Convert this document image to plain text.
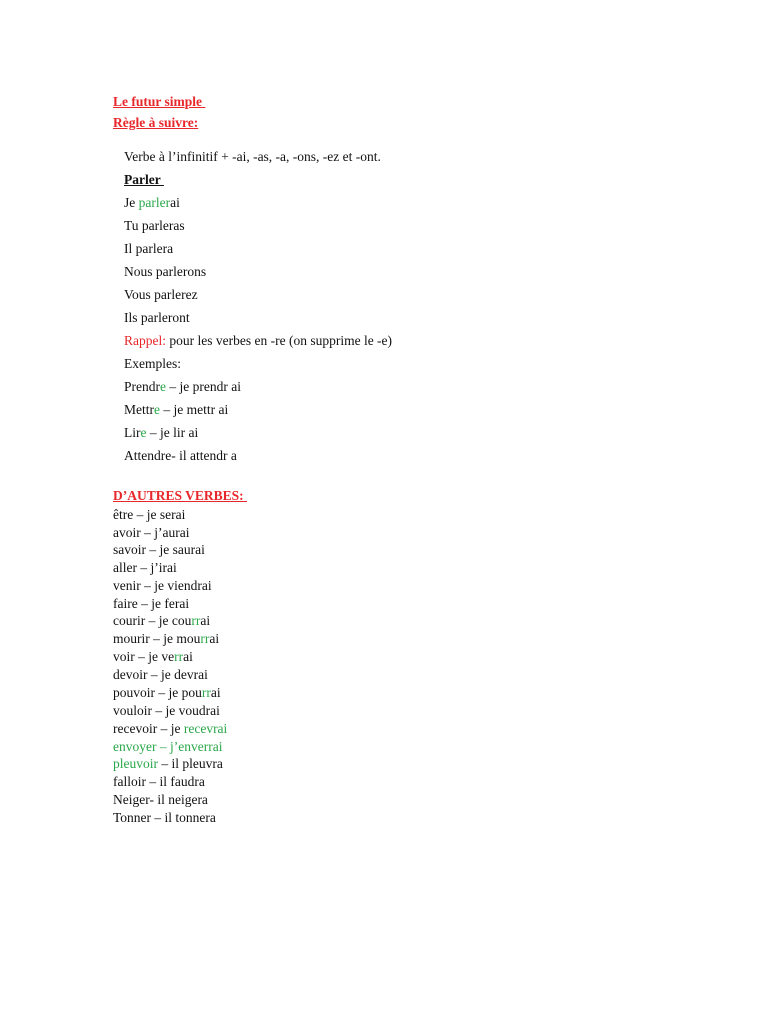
Le futur simple
Règle à suivre:
Verbe à l’infinitif + -ai, -as, -a, -ons, -ez et -ont.
Parler
Je parlerai
Tu parleras
Il parlera
Nous parlerons
Vous parlerez
Ils parleront
Rappel: pour les verbes en -re (on supprime le -e)
Exemples:
Prendre – je prendr ai
Mettre – je mettr ai
Lire – je lir ai
Attendre- il attendr a
D’AUTRES VERBES:
être – je serai
avoir – j’aurai
savoir – je saurai
aller – j’irai
venir – je viendrai
faire – je ferai
courir – je courrai
mourir – je mourrai
voir – je verrai
devoir – je devrai
pouvoir – je pourrai
vouloir – je voudrai
recevoir – je recevrai
envoyer – j’enverrai
pleuvoir – il pleuvra
falloir – il faudra
Neiger- il neigera
Tonner – il tonnera
